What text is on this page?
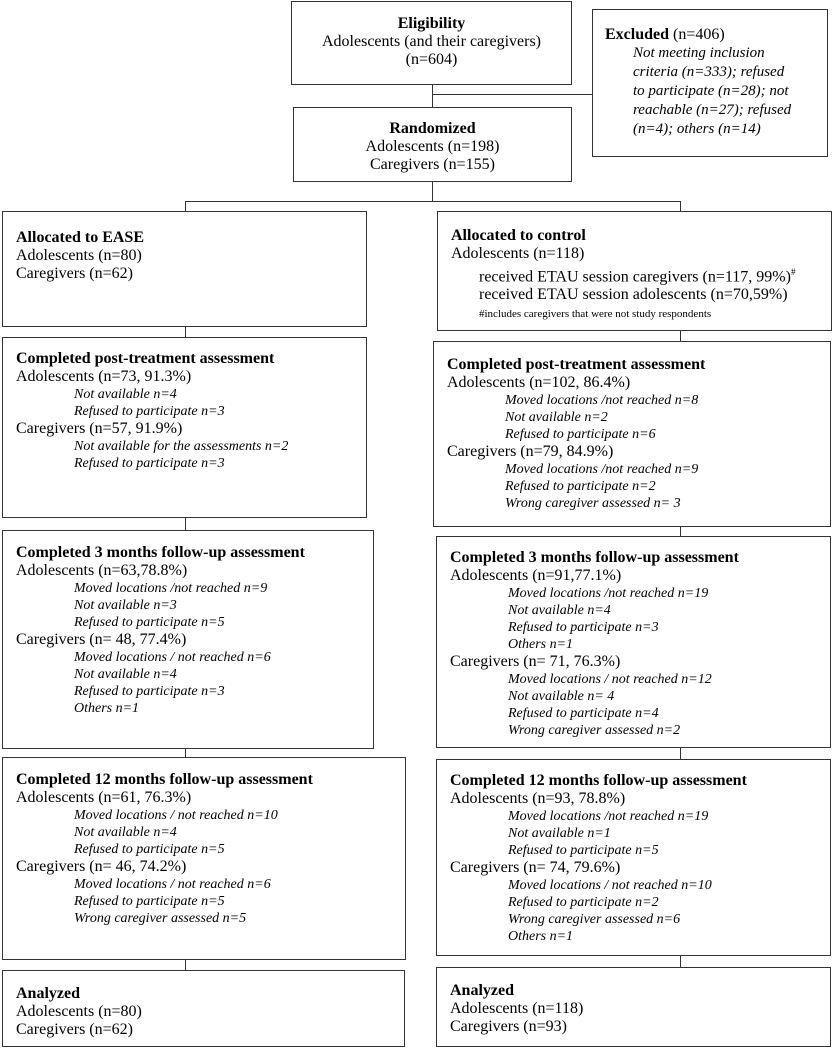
Eligibility
Adolescents (and their caregivers)
(n=604)
Excluded (n=406)
Not meeting inclusion
criteria (n=333); refused
to participate (n=28); not
reachable (n=27); refused
(n=4); others (n=14)
Randomized
Adolescents (n=198)
Caregivers (n=155)
Allocated to EASE
Adolescents (n=80)
Caregivers (n=62)
Completed post-treatment assessment
Adolescents (n=73, 91.3%)
Not available n=4
Refused to participate n=3
Caregivers (n=57, 91.9%)
Not available for the assessments n=2
Refused to participate n=3
Completed 3 months follow-up assessment
Adolescents (n=63,78.8%)
Moved locations /not reached n=9
Not available n=3
Refused to participate n=5
Caregivers (n= 48, 77.4%)
Moved locations / not reached n=6
Not available n=4
Refused to participate n=3
Others n=1
Completed 12 months follow-up assessment
Adolescents (n=61, 76.3%)
Moved locations / not reached n=10
Not available n=4
Refused to participate n=5
Caregivers (n= 46, 74.2%)
Moved locations / not reached n=6
Refused to participate n=5
Wrong caregiver assessed n=5
Analyzed
Adolescents (n=80)
Caregivers (n=62)
Allocated to control
Adolescents (n=118)
received ETAU session caregivers (n=117, 99%)#
received ETAU session adolescents (n=70,59%)
#includes caregivers that were not study respondents
Completed post-treatment assessment
Adolescents (n=102, 86.4%)
Moved locations /not reached n=8
Not available n=2
Refused to participate n=6
Caregivers (n=79, 84.9%)
Moved locations /not reached n=9
Refused to participate n=2
Wrong caregiver assessed n= 3
Completed 3 months follow-up assessment
Adolescents (n=91,77.1%)
Moved locations /not reached n=19
Not available n=4
Refused to participate n=3
Others n=1
Caregivers (n= 71, 76.3%)
Moved locations / not reached n=12
Not available n= 4
Refused to participate n=4
Wrong caregiver assessed n=2
Completed 12 months follow-up assessment
Adolescents (n=93, 78.8%)
Moved locations /not reached n=19
Not available n=1
Refused to participate n=5
Caregivers (n= 74, 79.6%)
Moved locations / not reached n=10
Refused to participate n=2
Wrong caregiver assessed n=6
Others n=1
Analyzed
Adolescents (n=118)
Caregivers (n=93)
